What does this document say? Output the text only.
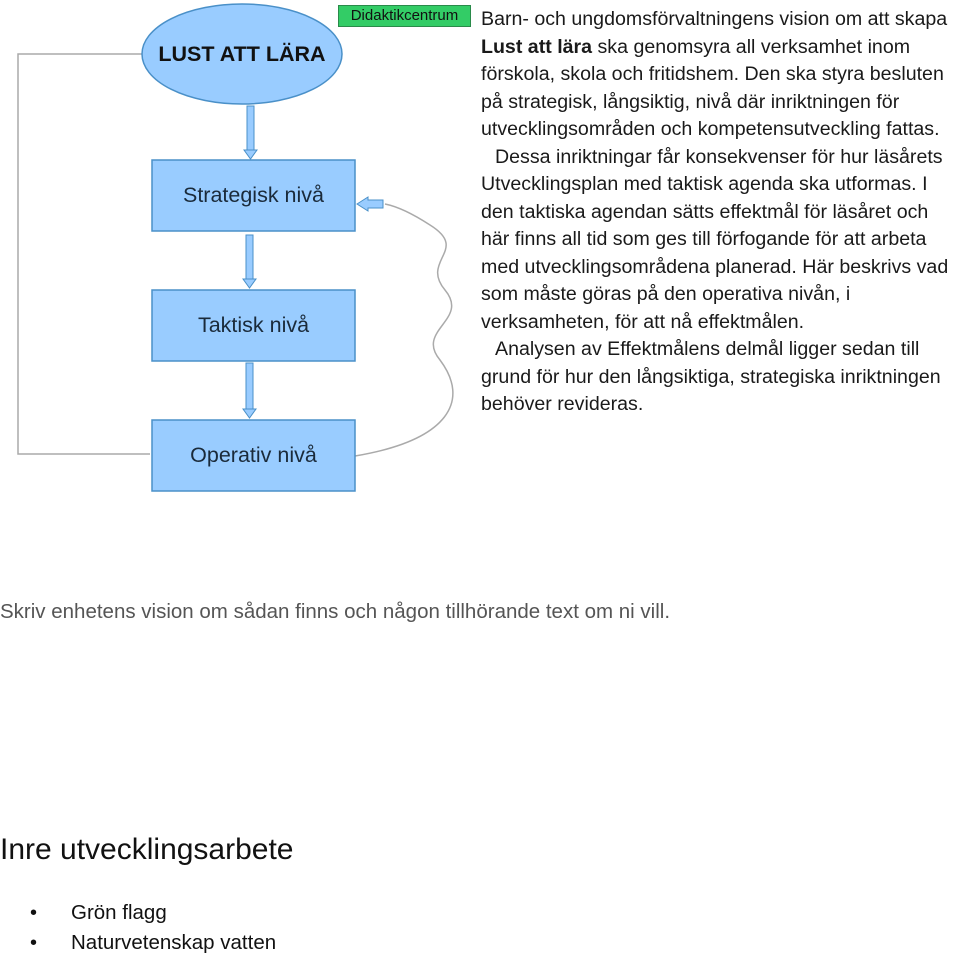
LUST ATT LÄRA
Strategisk nivå
Taktisk nivå
Operativ nivå
Didaktikcentrum	Barn- och ungdomsförvaltningens vision om att skapa Lust att lära ska genomsyra all verksamhet inom förskola, skola och fritidshem. Den ska styra besluten på strategisk, långsiktig, nivå där inriktningen för utvecklingsområden och kompetensutveckling fattas.

Dessa inriktningar får konsekvenser för hur läsårets Utvecklingsplan med taktisk agenda ska utformas. I den taktiska agendan sätts effektmål för läsåret och här finns all tid som ges till förfogande för att arbeta med utvecklingsområdena planerad. Här beskrivs vad som måste göras på den operativa nivån, i verksamheten, för att nå effektmålen.

Analysen av Effektmålens delmål ligger sedan till grund för hur den långsiktiga, strategiska inriktningen behöver revideras.

Skriv enhetens vision om sådan finns och någon tillhörande text om ni vill.
Inre utvecklingsarbete
• Grön flagg
• Naturvetenskap vatten
